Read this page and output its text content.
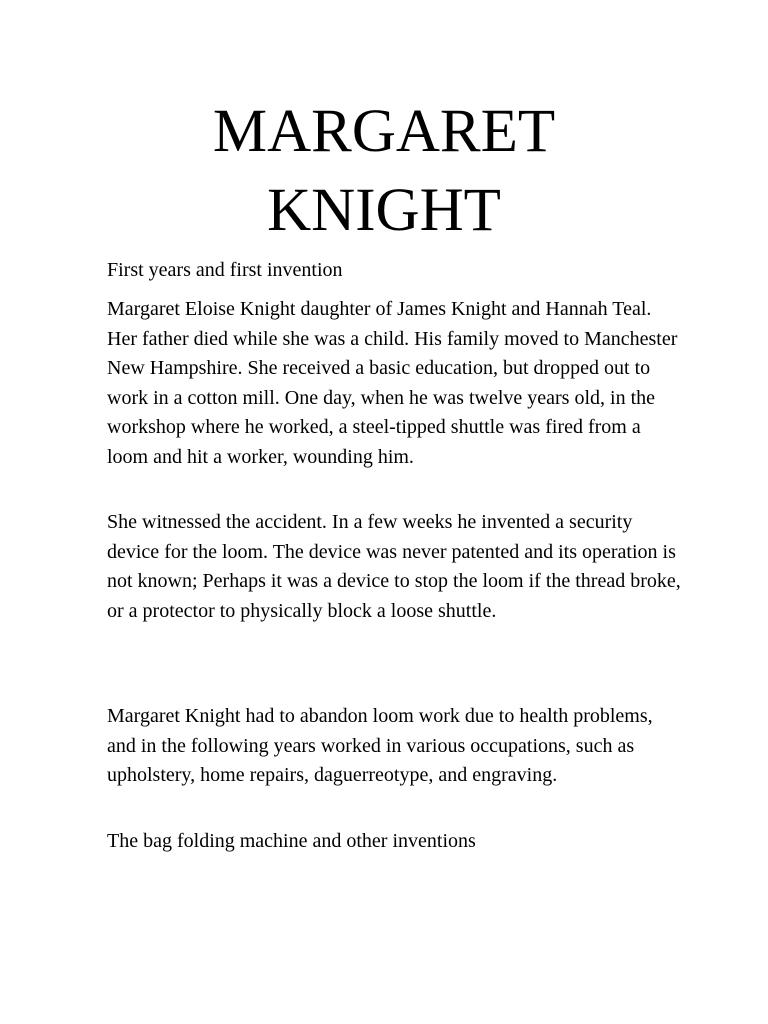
MARGARET
KNIGHT

First years and first invention

Margaret Eloise Knight daughter of James Knight and Hannah Teal. Her father died while she was a child. His family moved to Manchester New Hampshire. She received a basic education, but dropped out to work in a cotton mill. One day, when he was twelve years old, in the workshop where he worked, a steel-tipped shuttle was fired from a loom and hit a worker, wounding him.

She witnessed the accident. In a few weeks he invented a security device for the loom. The device was never patented and its operation is not known; Perhaps it was a device to stop the loom if the thread broke, or a protector to physically block a loose shuttle.

Margaret Knight had to abandon loom work due to health problems, and in the following years worked in various occupations, such as upholstery, home repairs, daguerreotype, and engraving.

The bag folding machine and other inventions
